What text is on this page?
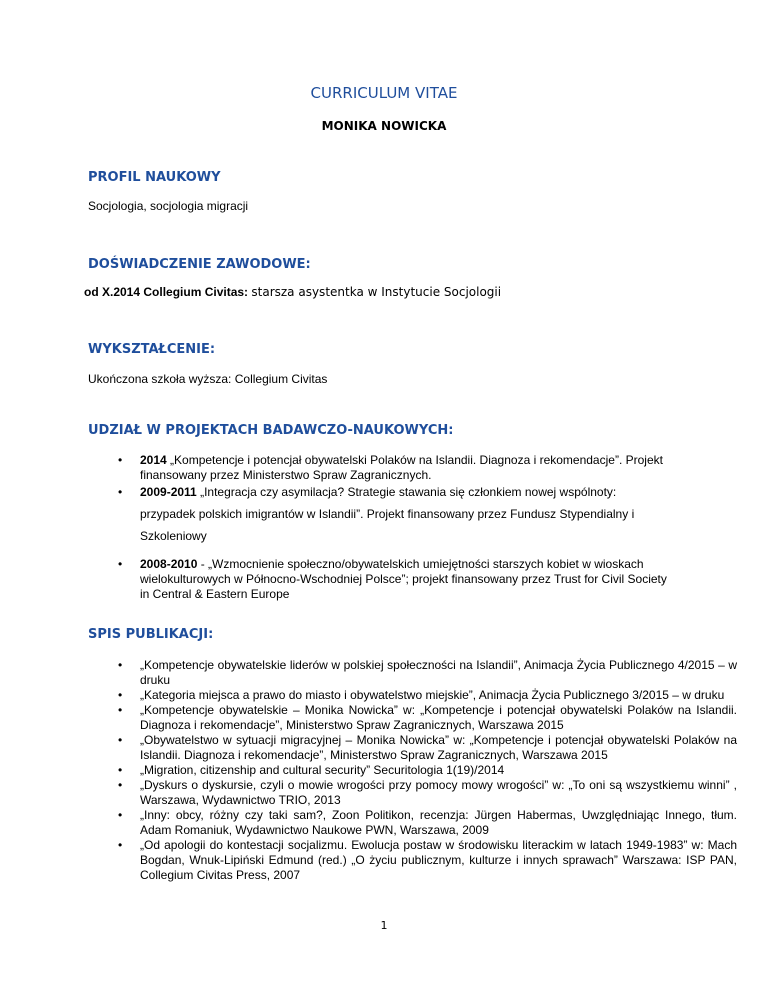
CURRICULUM VITAE
MONIKA NOWICKA
PROFIL NAUKOWY
Socjologia, socjologia migracji
DOŚWIADCZENIE ZAWODOWE:
od X.2014 Collegium Civitas: starsza asystentka w Instytucie Socjologii
WYKSZTAŁCENIE:
Ukończona szkoła wyższa: Collegium Civitas
UDZIAŁ W PROJEKTACH BADAWCZO-NAUKOWYCH:
• 2014 „Kompetencje i potencjał obywatelski Polaków na Islandii. Diagnoza i rekomendacje”. Projekt finansowany przez Ministerstwo Spraw Zagranicznych.
• 2009-2011 „Integracja czy asymilacja? Strategie stawania się członkiem nowej wspólnoty: przypadek polskich imigrantów w Islandii”. Projekt finansowany przez Fundusz Stypendialny i Szkoleniowy
• 2008-2010 - „Wzmocnienie społeczno/obywatelskich umiejętności starszych kobiet w wioskach wielokulturowych w Północno-Wschodniej Polsce”; projekt finansowany przez Trust for Civil Society in Central & Eastern Europe
SPIS PUBLIKACJI:
• „Kompetencje obywatelskie liderów w polskiej społeczności na Islandii”, Animacja Życia Publicznego 4/2015 – w druku
• „Kategoria miejsca a prawo do miasto i obywatelstwo miejskie”, Animacja Życia Publicznego 3/2015 – w druku
• „Kompetencje obywatelskie – Monika Nowicka” w: „Kompetencje i potencjał obywatelski Polaków na Islandii. Diagnoza i rekomendacje”, Ministerstwo Spraw Zagranicznych, Warszawa 2015
• „Obywatelstwo w sytuacji migracyjnej – Monika Nowicka” w: „Kompetencje i potencjał obywatelski Polaków na Islandii. Diagnoza i rekomendacje”, Ministerstwo Spraw Zagranicznych, Warszawa 2015
• „Migration, citizenship and cultural security” Securitologia 1(19)/2014
• „Dyskurs o dyskursie, czyli o mowie wrogości przy pomocy mowy wrogości” w: „To oni są wszystkiemu winni” , Warszawa, Wydawnictwo TRIO, 2013
• „Inny: obcy, różny czy taki sam?, Zoon Politikon, recenzja: Jürgen Habermas, Uwzględniając Innego, tłum. Adam Romaniuk, Wydawnictwo Naukowe PWN, Warszawa, 2009
• „Od apologii do kontestacji socjalizmu. Ewolucja postaw w środowisku literackim w latach 1949-1983” w: Mach Bogdan, Wnuk-Lipiński Edmund (red.) „O życiu publicznym, kulturze i innych sprawach” Warszawa: ISP PAN, Collegium Civitas Press, 2007
1
